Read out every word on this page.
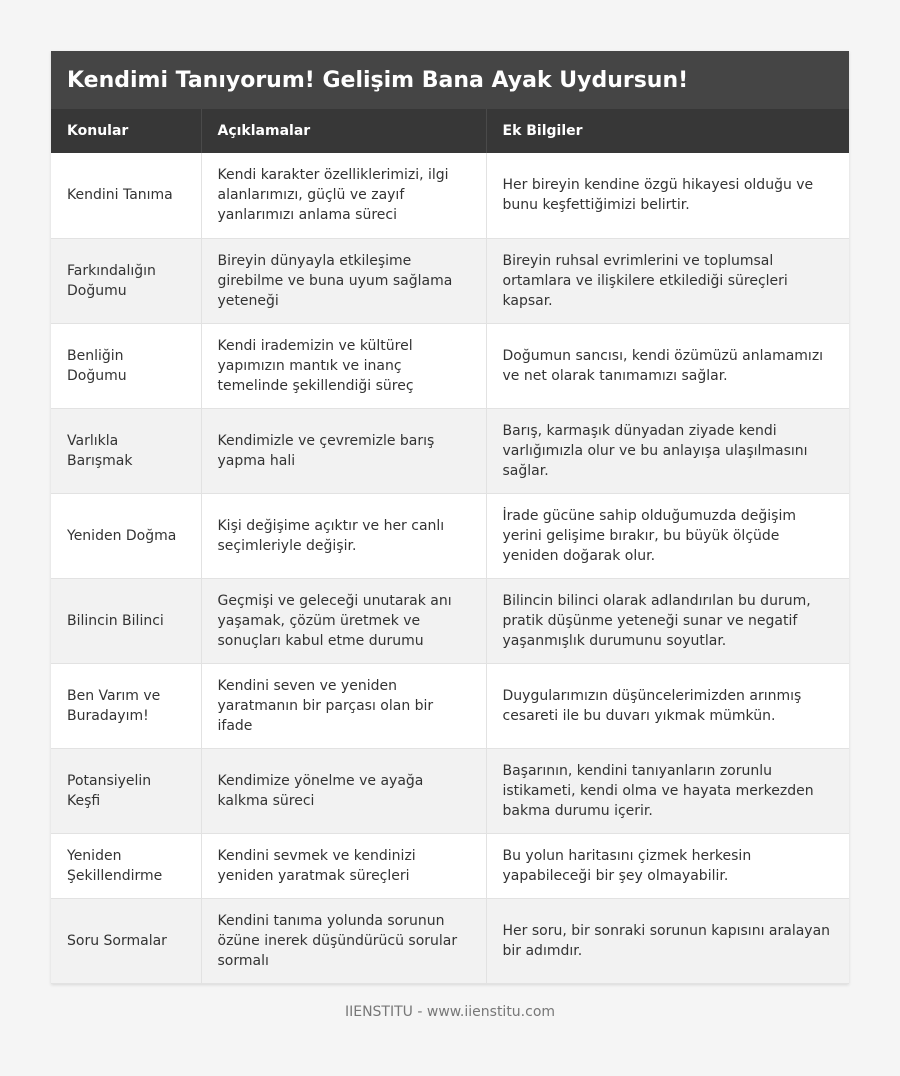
Kendimi Tanıyorum! Gelişim Bana Ayak Uydursun!
Konular	Açıklamalar	Ek Bilgiler
Kendini Tanıma	Kendi karakter özelliklerimizi, ilgi alanlarımızı, güçlü ve zayıf yanlarımızı anlama süreci	Her bireyin kendine özgü hikayesi olduğu ve bunu keşfettiğimizi belirtir.
Farkındalığın Doğumu	Bireyin dünyayla etkileşime girebilme ve buna uyum sağlama yeteneği	Bireyin ruhsal evrimlerini ve toplumsal ortamlara ve ilişkilere etkilediği süreçleri kapsar.
Benliğin Doğumu	Kendi irademizin ve kültürel yapımızın mantık ve inanç temelinde şekillendiği süreç	Doğumun sancısı, kendi özümüzü anlamamızı ve net olarak tanımamızı sağlar.
Varlıkla Barışmak	Kendimizle ve çevremizle barış yapma hali	Barış, karmaşık dünyadan ziyade kendi varlığımızla olur ve bu anlayışa ulaşılmasını sağlar.
Yeniden Doğma	Kişi değişime açıktır ve her canlı seçimleriyle değişir.	İrade gücüne sahip olduğumuzda değişim yerini gelişime bırakır, bu büyük ölçüde yeniden doğarak olur.
Bilincin Bilinci	Geçmişi ve geleceği unutarak anı yaşamak, çözüm üretmek ve sonuçları kabul etme durumu	Bilincin bilinci olarak adlandırılan bu durum, pratik düşünme yeteneği sunar ve negatif yaşanmışlık durumunu soyutlar.
Ben Varım ve Buradayım!	Kendini seven ve yeniden yaratmanın bir parçası olan bir ifade	Duygularımızın düşüncelerimizden arınmış cesareti ile bu duvarı yıkmak mümkün.
Potansiyelin Keşfi	Kendimize yönelme ve ayağa kalkma süreci	Başarının, kendini tanıyanların zorunlu istikameti, kendi olma ve hayata merkezden bakma durumu içerir.
Yeniden Şekillendirme	Kendini sevmek ve kendinizi yeniden yaratmak süreçleri	Bu yolun haritasını çizmek herkesin yapabileceği bir şey olmayabilir.
Soru Sormalar	Kendini tanıma yolunda sorunun özüne inerek düşündürücü sorular sormalı	Her soru, bir sonraki sorunun kapısını aralayan bir adımdır.
IIENSTITU - www.iienstitu.com
